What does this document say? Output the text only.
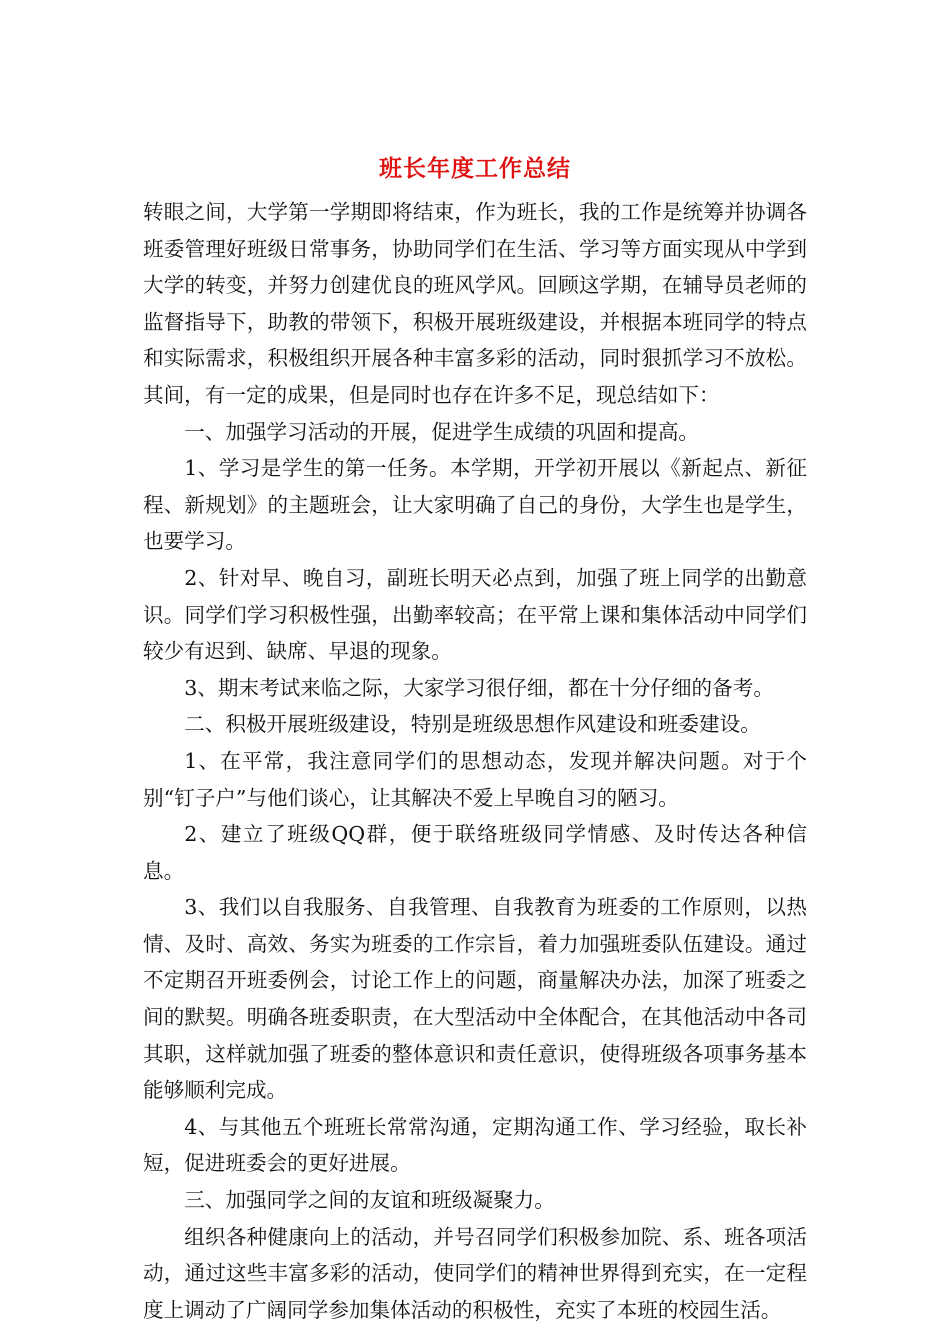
班长年度工作总结

转眼之间，大学第一学期即将结束，作为班长，我的工作是统筹并协调各班委管理好班级日常事务，协助同学们在生活、学习等方面实现从中学到大学的转变，并努力创建优良的班风学风。回顾这学期，在辅导员老师的监督指导下，助教的带领下，积极开展班级建设，并根据本班同学的特点和实际需求，积极组织开展各种丰富多彩的活动，同时狠抓学习不放松。其间，有一定的成果，但是同时也存在许多不足，现总结如下：

一、加强学习活动的开展，促进学生成绩的巩固和提高。

1、学习是学生的第一任务。本学期，开学初开展以《新起点、新征程、新规划》的主题班会，让大家明确了自己的身份，大学生也是学生，也要学习。

2、针对早、晚自习，副班长明天必点到，加强了班上同学的出勤意识。同学们学习积极性强，出勤率较高；在平常上课和集体活动中同学们较少有迟到、缺席、早退的现象。

3、期末考试来临之际，大家学习很仔细，都在十分仔细的备考。

二、积极开展班级建设，特别是班级思想作风建设和班委建设。

1、在平常，我注意同学们的思想动态，发现并解决问题。对于个别“钉子户”与他们谈心，让其解决不爱上早晚自习的陋习。

2、建立了班级QQ群，便于联络班级同学情感、及时传达各种信息。

3、我们以自我服务、自我管理、自我教育为班委的工作原则，以热情、及时、高效、务实为班委的工作宗旨，着力加强班委队伍建设。通过不定期召开班委例会，讨论工作上的问题，商量解决办法，加深了班委之间的默契。明确各班委职责，在大型活动中全体配合，在其他活动中各司其职，这样就加强了班委的整体意识和责任意识，使得班级各项事务基本能够顺利完成。

4、与其他五个班班长常常沟通，定期沟通工作、学习经验，取长补短，促进班委会的更好进展。

三、加强同学之间的友谊和班级凝聚力。

组织各种健康向上的活动，并号召同学们积极参加院、系、班各项活动，通过这些丰富多彩的活动，使同学们的精神世界得到充实，在一定程度上调动了广阔同学参加集体活动的积极性，充实了本班的校园生活。
